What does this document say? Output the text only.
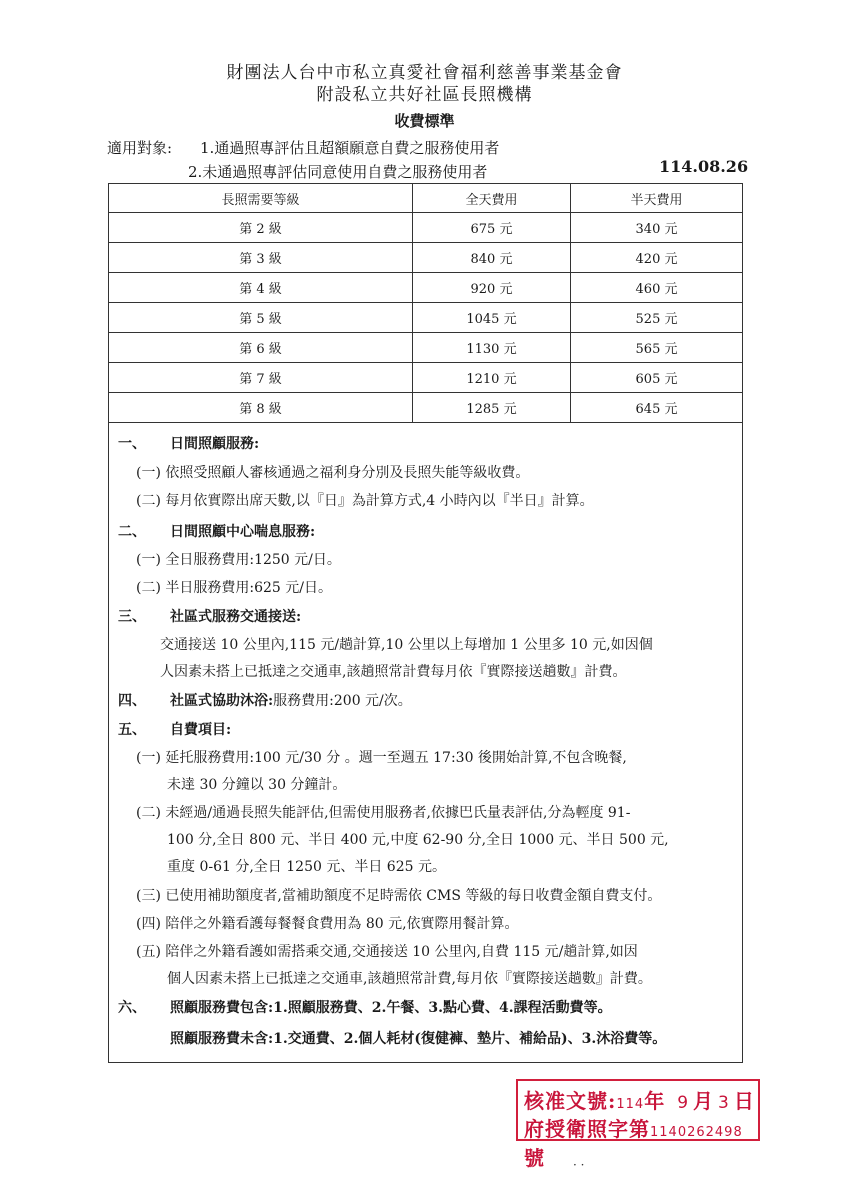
財團法人台中市私立真愛社會福利慈善事業基金會
附設私立共好社區長照機構
收費標準
適用對象: 1.通過照專評估且超額願意自費之服務使用者
2.未通過照專評估同意使用自費之服務使用者	114.08.26
長照需要等級	全天費用	半天費用
第 2 級	675 元	340 元
第 3 級	840 元	420 元
第 4 級	920 元	460 元
第 5 級	1045 元	525 元
第 6 級	1130 元	565 元
第 7 級	1210 元	605 元
第 8 級	1285 元	645 元
一、 日間照顧服務:
(一) 依照受照顧人審核通過之福利身分別及長照失能等級收費。
(二) 每月依實際出席天數,以『日』為計算方式,4 小時內以『半日』計算。
二、 日間照顧中心喘息服務:
(一) 全日服務費用:1250 元/日。
(二) 半日服務費用:625 元/日。
三、 社區式服務交通接送:
交通接送 10 公里內,115 元/趟計算,10 公里以上每增加 1 公里多 10 元,如因個
人因素未搭上已抵達之交通車,該趟照常計費每月依『實際接送趟數』計費。
四、 社區式協助沐浴:服務費用:200 元/次。
五、 自費項目:
(一) 延托服務費用:100 元/30 分 。週一至週五 17:30 後開始計算,不包含晚餐,
未達 30 分鐘以 30 分鐘計。
(二) 未經過/通過長照失能評估,但需使用服務者,依據巴氏量表評估,分為輕度 91-
100 分,全日 800 元、半日 400 元,中度 62-90 分,全日 1000 元、半日 500 元,
重度 0-61 分,全日 1250 元、半日 625 元。
(三) 已使用補助額度者,當補助額度不足時需依 CMS 等級的每日收費金額自費支付。
(四) 陪伴之外籍看護每餐餐食費用為 80 元,依實際用餐計算。
(五) 陪伴之外籍看護如需搭乘交通,交通接送 10 公里內,自費 115 元/趟計算,如因
個人因素未搭上已抵達之交通車,該趟照常計費,每月依『實際接送趟數』計費。
六、 照顧服務費包含:1.照顧服務費、2.午餐、3.點心費、4.課程活動費等。
照顧服務費未含:1.交通費、2.個人耗材(復健褲、墊片、補給品)、3.沐浴費等。
核准文號:114年 9 月 3 日
府授衛照字第1140262498號	· ·
